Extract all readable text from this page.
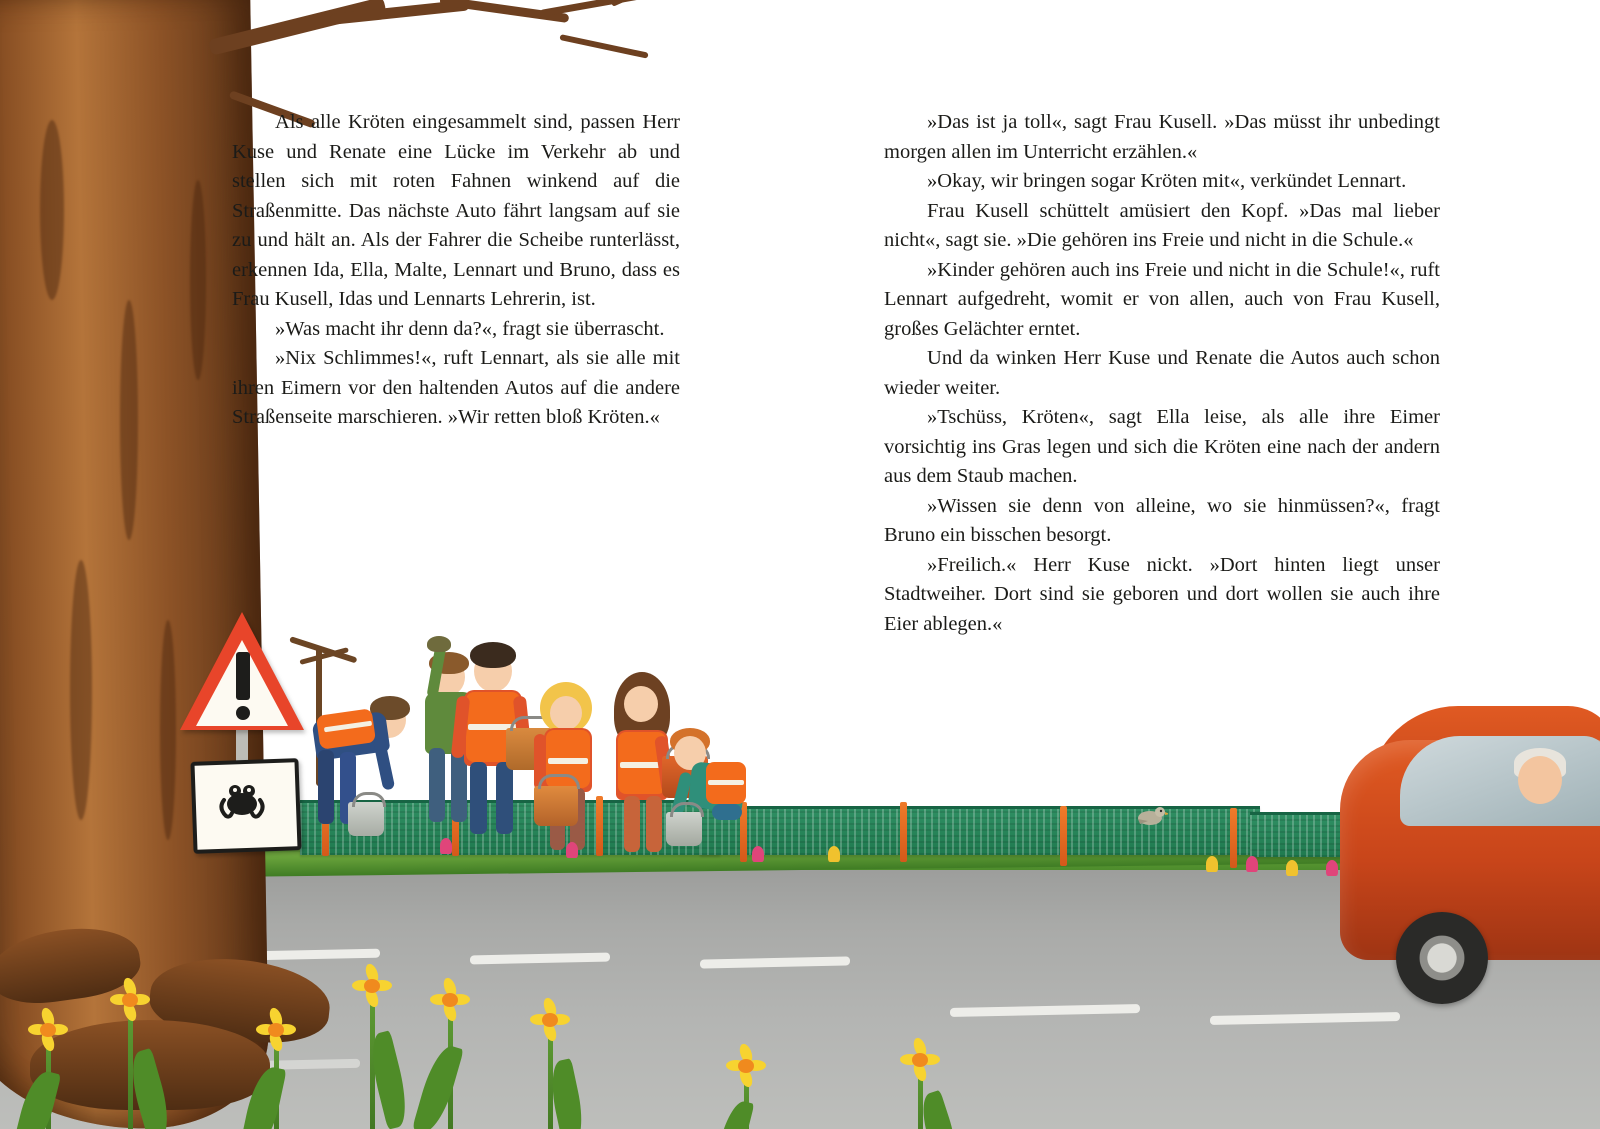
Als alle Kröten eingesammelt sind, passen Herr Kuse und Renate eine Lücke im Verkehr ab und stellen sich mit roten Fahnen winkend auf die Straßenmitte. Das nächste Auto fährt langsam auf sie zu und hält an. Als der Fahrer die Scheibe runterlässt, erkennen Ida, Ella, Malte, Lennart und Bruno, dass es Frau Kusell, Idas und Lennarts Lehrerin, ist.

»Was macht ihr denn da?«, fragt sie überrascht.

»Nix Schlimmes!«, ruft Lennart, als sie alle mit ihren Eimern vor den haltenden Autos auf die andere Straßenseite marschieren. »Wir retten bloß Kröten.«

»Das ist ja toll«, sagt Frau Kusell. »Das müsst ihr unbedingt morgen allen im Unterricht erzählen.«

»Okay, wir bringen sogar Kröten mit«, verkündet Lennart.

Frau Kusell schüttelt amüsiert den Kopf. »Das mal lieber nicht«, sagt sie. »Die gehören ins Freie und nicht in die Schule.«

»Kinder gehören auch ins Freie und nicht in die Schule!«, ruft Lennart aufgedreht, womit er von allen, auch von Frau Kusell, großes Gelächter erntet.

Und da winken Herr Kuse und Renate die Autos auch schon wieder weiter.

»Tschüss, Kröten«, sagt Ella leise, als alle ihre Eimer vorsichtig ins Gras legen und sich die Kröten eine nach der andern aus dem Staub machen.

»Wissen sie denn von alleine, wo sie hinmüssen?«, fragt Bruno ein bisschen besorgt.

»Freilich.« Herr Kuse nickt. »Dort hinten liegt unser Stadtweiher. Dort sind sie geboren und dort wollen sie auch ihre Eier ablegen.«
